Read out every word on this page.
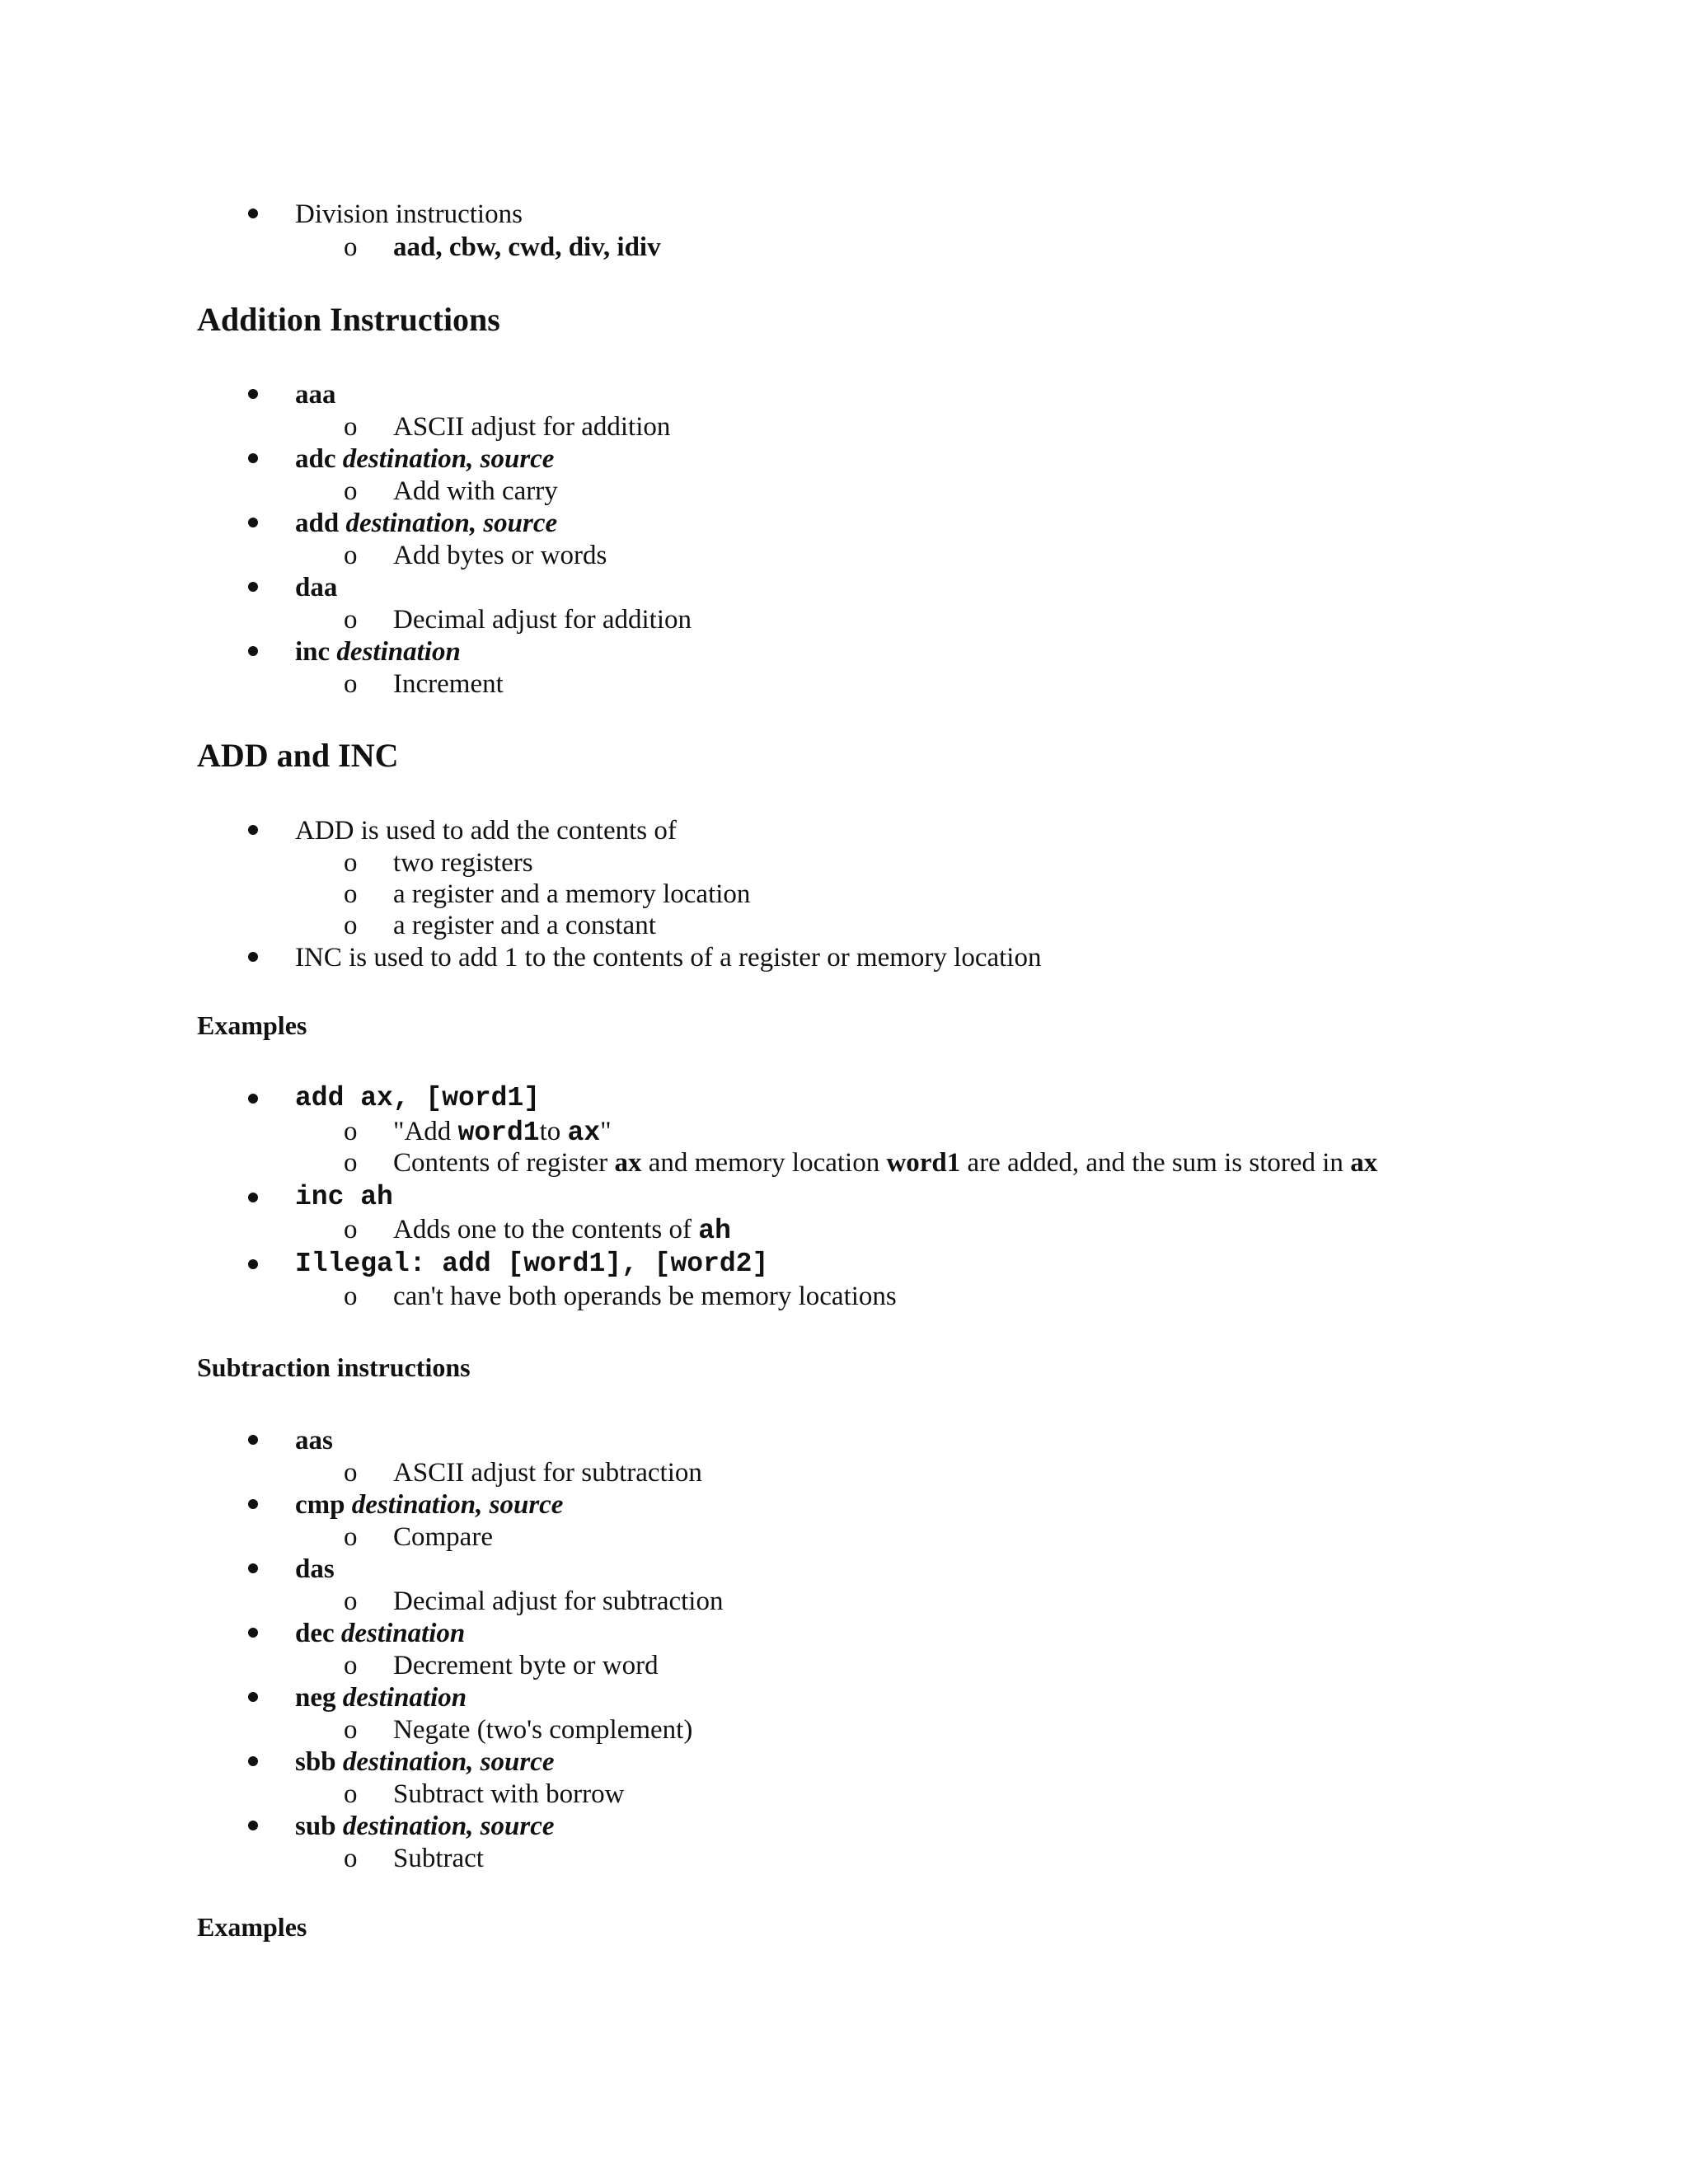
Division instructions
o aad, cbw, cwd, div, idiv
Addition Instructions
aaa
o ASCII adjust for addition
adc destination, source
o Add with carry
add destination, source
o Add bytes or words
daa
o Decimal adjust for addition
inc destination
o Increment
ADD and INC
ADD is used to add the contents of
o two registers
o a register and a memory location
o a register and a constant
INC is used to add 1 to the contents of a register or memory location
Examples
add ax, [word1]
o "Add word1to ax"
o Contents of register ax and memory location word1 are added, and the sum is stored in ax
inc ah
o Adds one to the contents of ah
Illegal: add [word1], [word2]
o can't have both operands be memory locations
Subtraction instructions
aas
o ASCII adjust for subtraction
cmp destination, source
o Compare
das
o Decimal adjust for subtraction
dec destination
o Decrement byte or word
neg destination
o Negate (two's complement)
sbb destination, source
o Subtract with borrow
sub destination, source
o Subtract
Examples
